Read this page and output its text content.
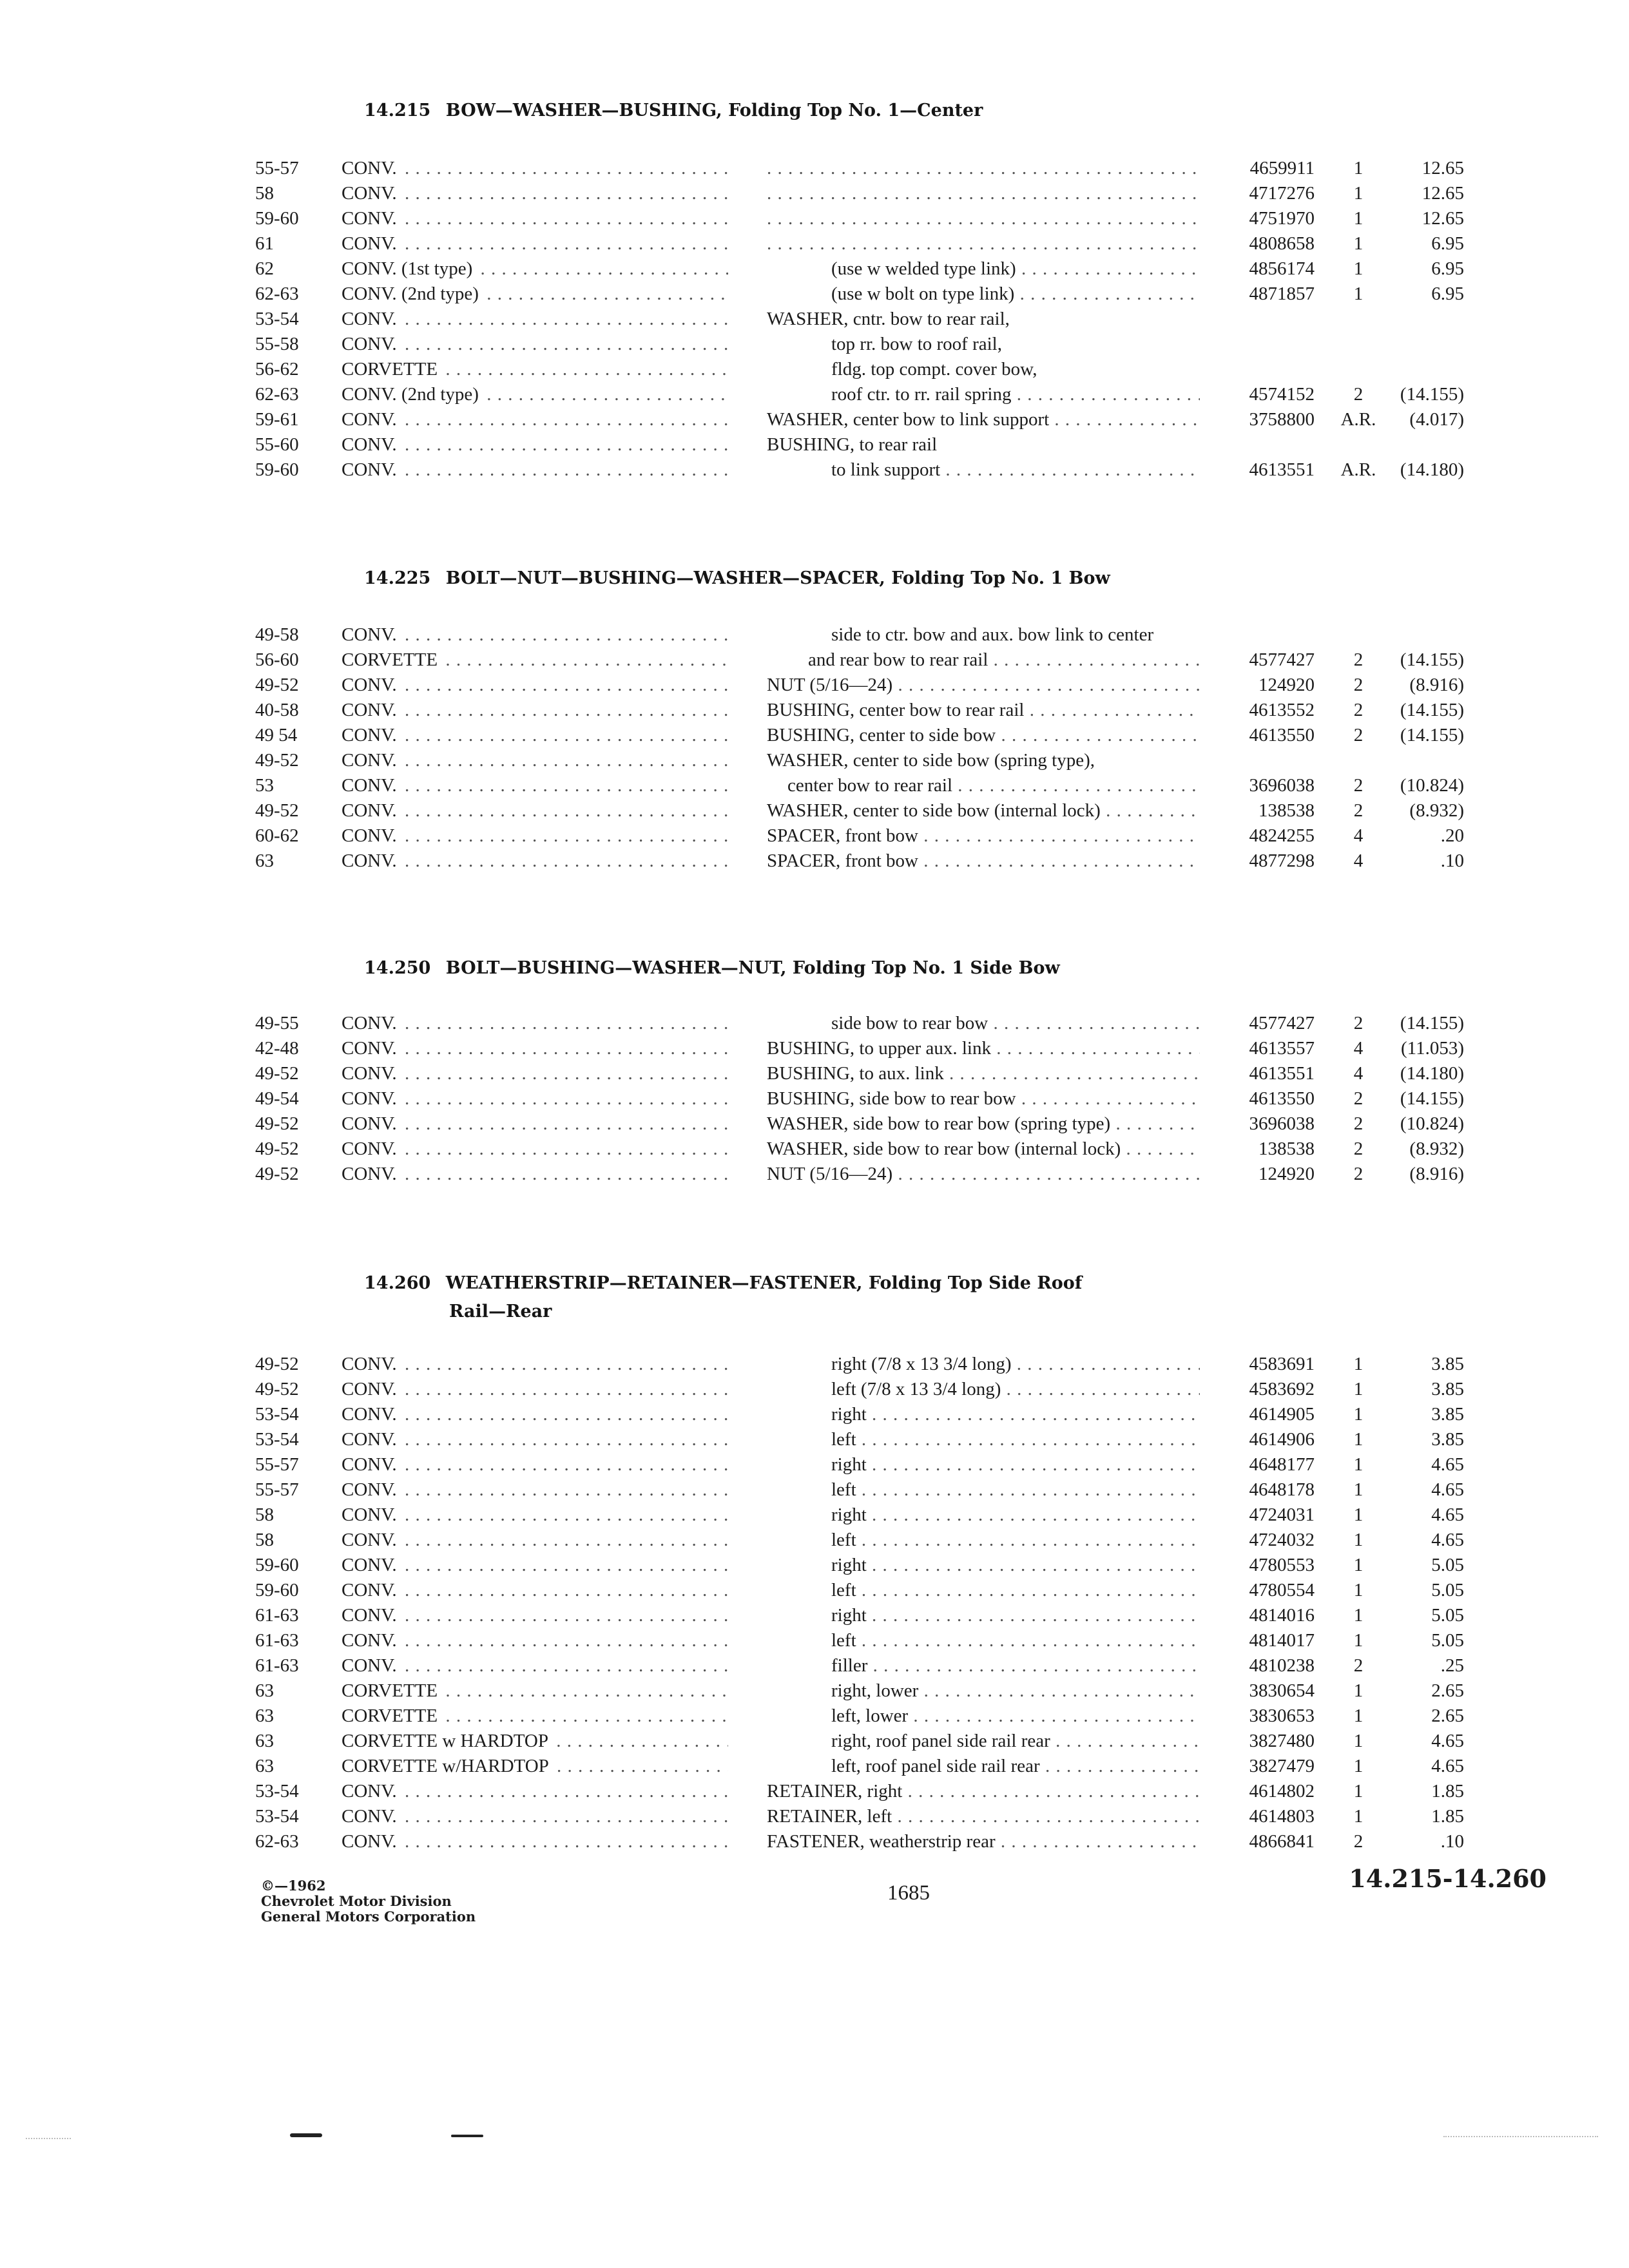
14.215 BOW—WASHER—BUSHING, Folding Top No. 1—Center
55-57	CONV. . . . . . .	4659911	1	12.65
58	CONV. . . . . . .	4717276	1	12.65
59-60	CONV. . . . . . .	4751970	1	12.65
61	CONV. . . . . . .	4808658	1	6.95
62	CONV. (1st type) . . .	(use w welded type link) . . .	4856174	1	6.95
62-63	CONV. (2nd type) . . .	(use w bolt on type link) . . .	4871857	1	6.95
53-54	CONV. . . .	WASHER, cntr. bow to rear rail,
55-58	CONV. . . .	top rr. bow to roof rail,
56-62	CORVETTE . . .	fldg. top compt. cover bow,
62-63	CONV. (2nd type) . . .	roof ctr. to rr. rail spring . . .	4574152	2	(14.155)
59-61	CONV. . . .	WASHER, center bow to link support . . .	3758800	A.R.	(4.017)
55-60	CONV. . . .	BUSHING, to rear rail
59-60	CONV. . . .	to link support . . .	4613551	A.R.	(14.180)
14.225 BOLT—NUT—BUSHING—WASHER—SPACER, Folding Top No. 1 Bow
49-58	CONV. . . .	side to ctr. bow and aux. bow link to center
56-60	CORVETTE . . .	and rear bow to rear rail . . .	4577427	2	(14.155)
49-52	CONV. . . .	NUT (5/16—24) . . .	124920	2	(8.916)
40-58	CONV. . . .	BUSHING, center bow to rear rail . . .	4613552	2	(14.155)
49 54	CONV. . . .	BUSHING, center to side bow . . .	4613550	2	(14.155)
49-52	CONV. . . .	WASHER, center to side bow (spring type),
53	CONV. . . .	center bow to rear rail . . .	3696038	2	(10.824)
49-52	CONV. . . .	WASHER, center to side bow (internal lock) . . .	138538	2	(8.932)
60-62	CONV. . . .	SPACER, front bow . . .	4824255	4	.20
63	CONV. . . .	SPACER, front bow . . .	4877298	4	.10
14.250 BOLT—BUSHING—WASHER—NUT, Folding Top No. 1 Side Bow
49-55	CONV. . . .	side bow to rear bow . . .	4577427	2	(14.155)
42-48	CONV. . . .	BUSHING, to upper aux. link . . .	4613557	4	(11.053)
49-52	CONV. . . .	BUSHING, to aux. link . . .	4613551	4	(14.180)
49-54	CONV. . . .	BUSHING, side bow to rear bow . . .	4613550	2	(14.155)
49-52	CONV. . . .	WASHER, side bow to rear bow (spring type) . . .	3696038	2	(10.824)
49-52	CONV. . . .	WASHER, side bow to rear bow (internal lock) . . .	138538	2	(8.932)
49-52	CONV. . . .	NUT (5/16—24) . . .	124920	2	(8.916)
14.260 WEATHERSTRIP—RETAINER—FASTENER, Folding Top Side Roof
Rail—Rear
49-52	CONV. . . .	right (7/8 x 13 3/4 long) . . .	4583691	1	3.85
49-52	CONV. . . .	left (7/8 x 13 3/4 long) . . .	4583692	1	3.85
53-54	CONV. . . .	right . . .	4614905	1	3.85
53-54	CONV. . . .	left . . .	4614906	1	3.85
55-57	CONV. . . .	right . . .	4648177	1	4.65
55-57	CONV. . . .	left . . .	4648178	1	4.65
58	CONV. . . .	right . . .	4724031	1	4.65
58	CONV. . . .	left . . .	4724032	1	4.65
59-60	CONV. . . .	right . . .	4780553	1	5.05
59-60	CONV. . . .	left . . .	4780554	1	5.05
61-63	CONV. . . .	right . . .	4814016	1	5.05
61-63	CONV. . . .	left . . .	4814017	1	5.05
61-63	CONV. . . .	filler . . .	4810238	2	.25
63	CORVETTE . . .	right, lower . . .	3830654	1	2.65
63	CORVETTE . . .	left, lower . . .	3830653	1	2.65
63	CORVETTE w HARDTOP . . .	right, roof panel side rail rear . . .	3827480	1	4.65
63	CORVETTE w/HARDTOP . . .	left, roof panel side rail rear . . .	3827479	1	4.65
53-54	CONV. . . .	RETAINER, right . . .	4614802	1	1.85
53-54	CONV. . . .	RETAINER, left . . .	4614803	1	1.85
62-63	CONV. . . .	FASTENER, weatherstrip rear . . .	4866841	2	.10
©—1962
Chevrolet Motor Division
General Motors Corporation
1685	14.215-14.260
